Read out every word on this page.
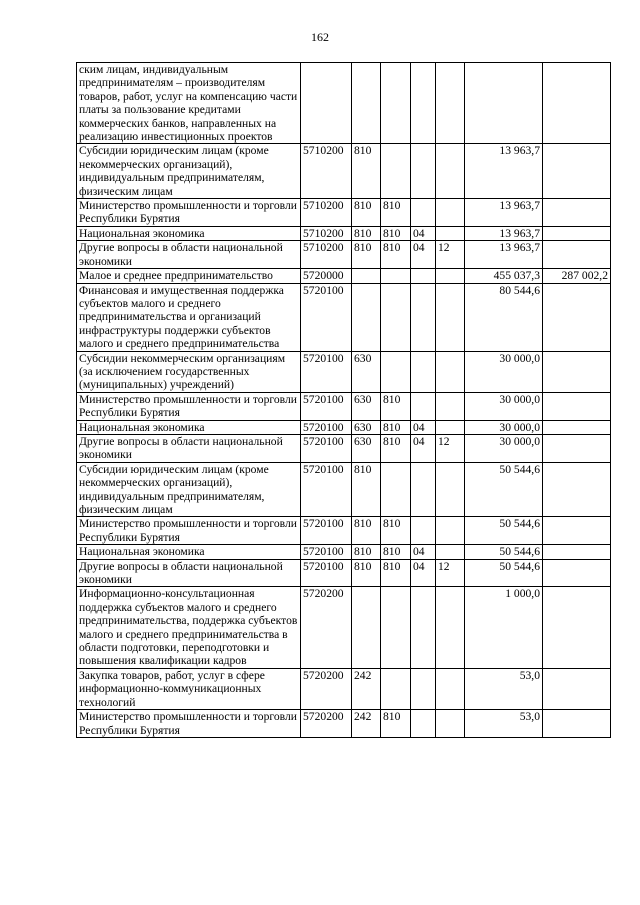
162
ским лицам, индивидуальным предпринимателям – производителям товаров, работ, услуг на компенсацию части платы за пользование кредитами коммерческих банков, направленных на реализацию инвестиционных проектов							
Субсидии юридическим лицам (кроме некоммерческих организаций), индивидуальным предпринимателям, физическим лицам	5710200	810				13 963,7	
Министерство промышленности и торговли Республики Бурятия	5710200	810	810			13 963,7	
Национальная экономика	5710200	810	810	04		13 963,7	
Другие вопросы в области национальной экономики	5710200	810	810	04	12	13 963,7	
Малое и среднее предпринимательство	5720000					455 037,3	287 002,2
Финансовая и имущественная поддержка субъектов малого и среднего предпринимательства и организаций инфраструктуры поддержки субъектов малого и среднего предпринимательства	5720100					80 544,6	
Субсидии некоммерческим организациям (за исключением государственных (муниципальных) учреждений)	5720100	630				30 000,0	
Министерство промышленности и торговли Республики Бурятия	5720100	630	810			30 000,0	
Национальная экономика	5720100	630	810	04		30 000,0	
Другие вопросы в области национальной экономики	5720100	630	810	04	12	30 000,0	
Субсидии юридическим лицам (кроме некоммерческих организаций), индивидуальным предпринимателям, физическим лицам	5720100	810				50 544,6	
Министерство промышленности и торговли Республики Бурятия	5720100	810	810			50 544,6	
Национальная экономика	5720100	810	810	04		50 544,6	
Другие вопросы в области национальной экономики	5720100	810	810	04	12	50 544,6	
Информационно-консультационная поддержка субъектов малого и среднего предпринимательства, поддержка субъектов малого и среднего предпринимательства в области подготовки, переподготовки и повышения квалификации кадров	5720200					1 000,0	
Закупка товаров, работ, услуг в сфере информационно-коммуникационных технологий	5720200	242				53,0	
Министерство промышленности и торговли Республики Бурятия	5720200	242	810			53,0	
